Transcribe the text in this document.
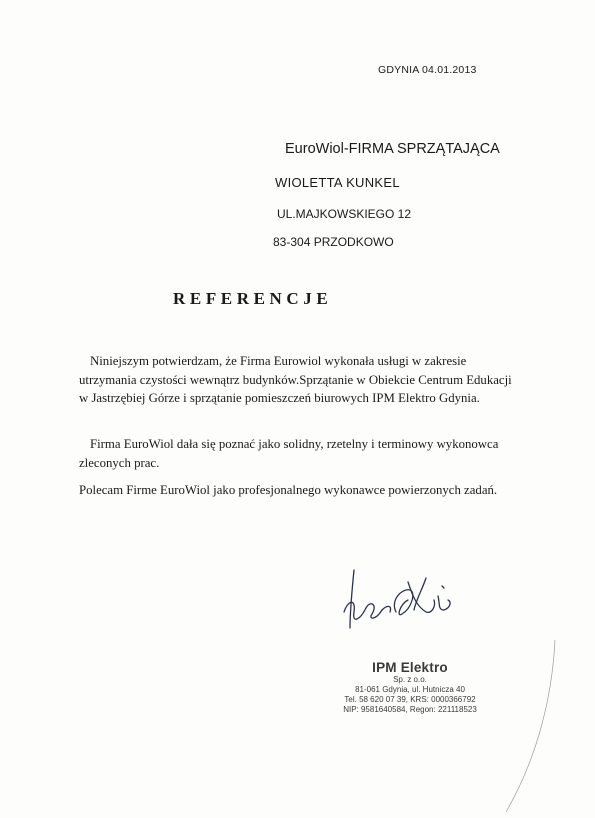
GDYNIA 04.01.2013
EuroWiol-FIRMA SPRZĄTAJĄCA
WIOLETTA KUNKEL
UL.MAJKOWSKIEGO 12
83-304 PRZODKOWO
REFERENCJE
Niniejszym potwierdzam, że Firma Eurowiol wykonała usługi w zakresie utrzymania czystości wewnątrz budynków.Sprzątanie w Obiekcie Centrum Edukacji w Jastrzębiej Górze i sprzątanie pomieszczeń biurowych IPM Elektro Gdynia.
Firma EuroWiol dała się poznać jako solidny, rzetelny i terminowy wykonowca zleconych prac.
Polecam Firme EuroWiol jako profesjonalnego wykonawce powierzonych zadań.
IPM Elektro
Sp. z o.o.
81-061 Gdynia, ul. Hutnicza 40
Tel. 58 620 07 39, KRS: 0000366792
NIP: 9581640584, Regon: 221118523
